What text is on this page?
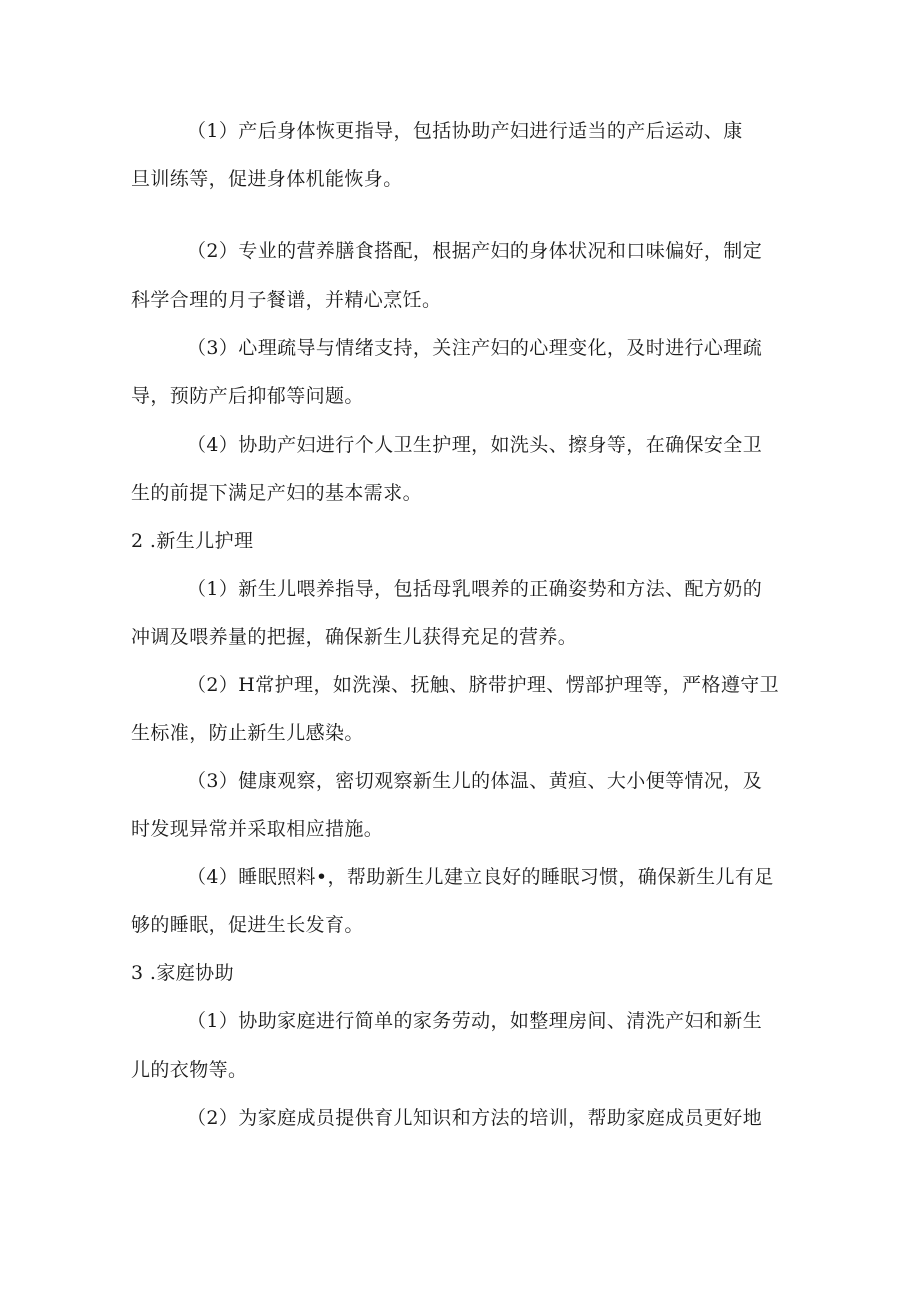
（1）产后身体恢更指导，包括协助产妇进行适当的产后运动、康
旦训练等，促进身体机能恢身。
（2）专业的营养膳食搭配，根据产妇的身体状况和口味偏好，制定
科学合理的月子餐谱，并精心烹饪。
（3）心理疏导与情绪支持，关注产妇的心理变化，及时进行心理疏
导，预防产后抑郁等问题。
（4）协助产妇进行个人卫生护理，如洗头、擦身等，在确保安全卫
生的前提下满足产妇的基本需求。
2 .新生儿护理
（1）新生儿喂养指导，包括母乳喂养的正确姿势和方法、配方奶的
冲调及喂养量的把握，确保新生儿获得充足的营养。
（2）H常护理，如洗澡、抚触、脐带护理、愣部护理等，严格遵守卫
生标准，防止新生儿感染。
（3）健康观察，密切观察新生儿的体温、黄疸、大小便等情况，及
时发现异常并采取相应措施。
（4）睡眠照料•，帮助新生儿建立良好的睡眠习惯，确保新生儿有足
够的睡眠，促进生长发育。
3 .家庭协助
（1）协助家庭进行简单的家务劳动，如整理房间、清洗产妇和新生
儿的衣物等。
（2）为家庭成员提供育儿知识和方法的培训，帮助家庭成员更好地
